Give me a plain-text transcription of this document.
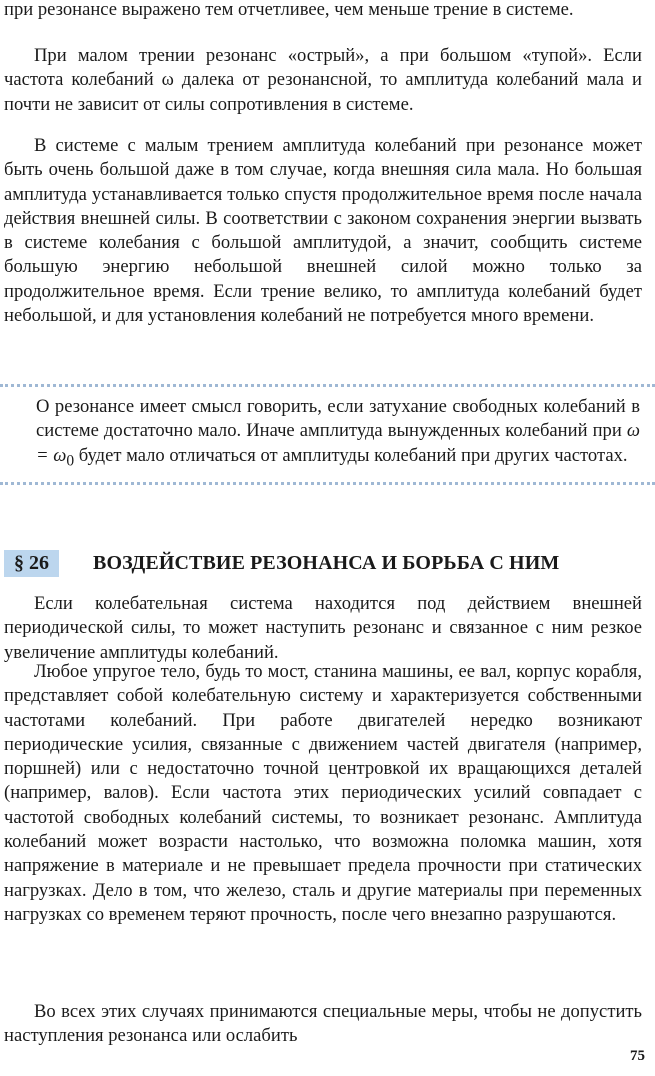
при резонансе выражено тем отчетливее, чем меньше трение в системе.

При малом трении резонанс «острый», а при большом «тупой». Если частота колебаний ω далека от резонансной, то амплитуда колебаний мала и почти не зависит от силы сопротивления в системе.

В системе с малым трением амплитуда колебаний при резонансе может быть очень большой даже в том случае, когда внешняя сила мала. Но большая амплитуда устанавливается только спустя продолжительное время после начала действия внешней силы. В соответствии с законом сохранения энергии вызвать в системе колебания с большой амплитудой, а значит, сообщить системе большую энергию небольшой внешней силой можно только за продолжительное время. Если трение велико, то амплитуда колебаний будет небольшой, и для установления колебаний не потребуется много времени.

О резонансе имеет смысл говорить, если затухание свободных колебаний в системе достаточно мало. Иначе амплитуда вынужденных колебаний при $\omega = \omega_0$ будет мало отличаться от амплитуды колебаний при других частотах.

§ 26	ВОЗДЕЙСТВИЕ РЕЗОНАНСА И БОРЬБА С НИМ

Если колебательная система находится под действием внешней периодической силы, то может наступить резонанс и связанное с ним резкое увеличение амплитуды колебаний.

Любое упругое тело, будь то мост, станина машины, ее вал, корпус корабля, представляет собой колебательную систему и характеризуется собственными частотами колебаний. При работе двигателей нередко возникают периодические усилия, связанные с движением частей двигателя (например, поршней) или с недостаточно точной центровкой их вращающихся деталей (например, валов). Если частота этих периодических усилий совпадает с частотой свободных колебаний системы, то возникает резонанс. Амплитуда колебаний может возрасти настолько, что возможна поломка машин, хотя напряжение в материале и не превышает предела прочности при статических нагрузках. Дело в том, что железо, сталь и другие материалы при переменных нагрузках со временем теряют прочность, после чего внезапно разрушаются.

Во всех этих случаях принимаются специальные меры, чтобы не допустить наступления резонанса или ослабить

75
